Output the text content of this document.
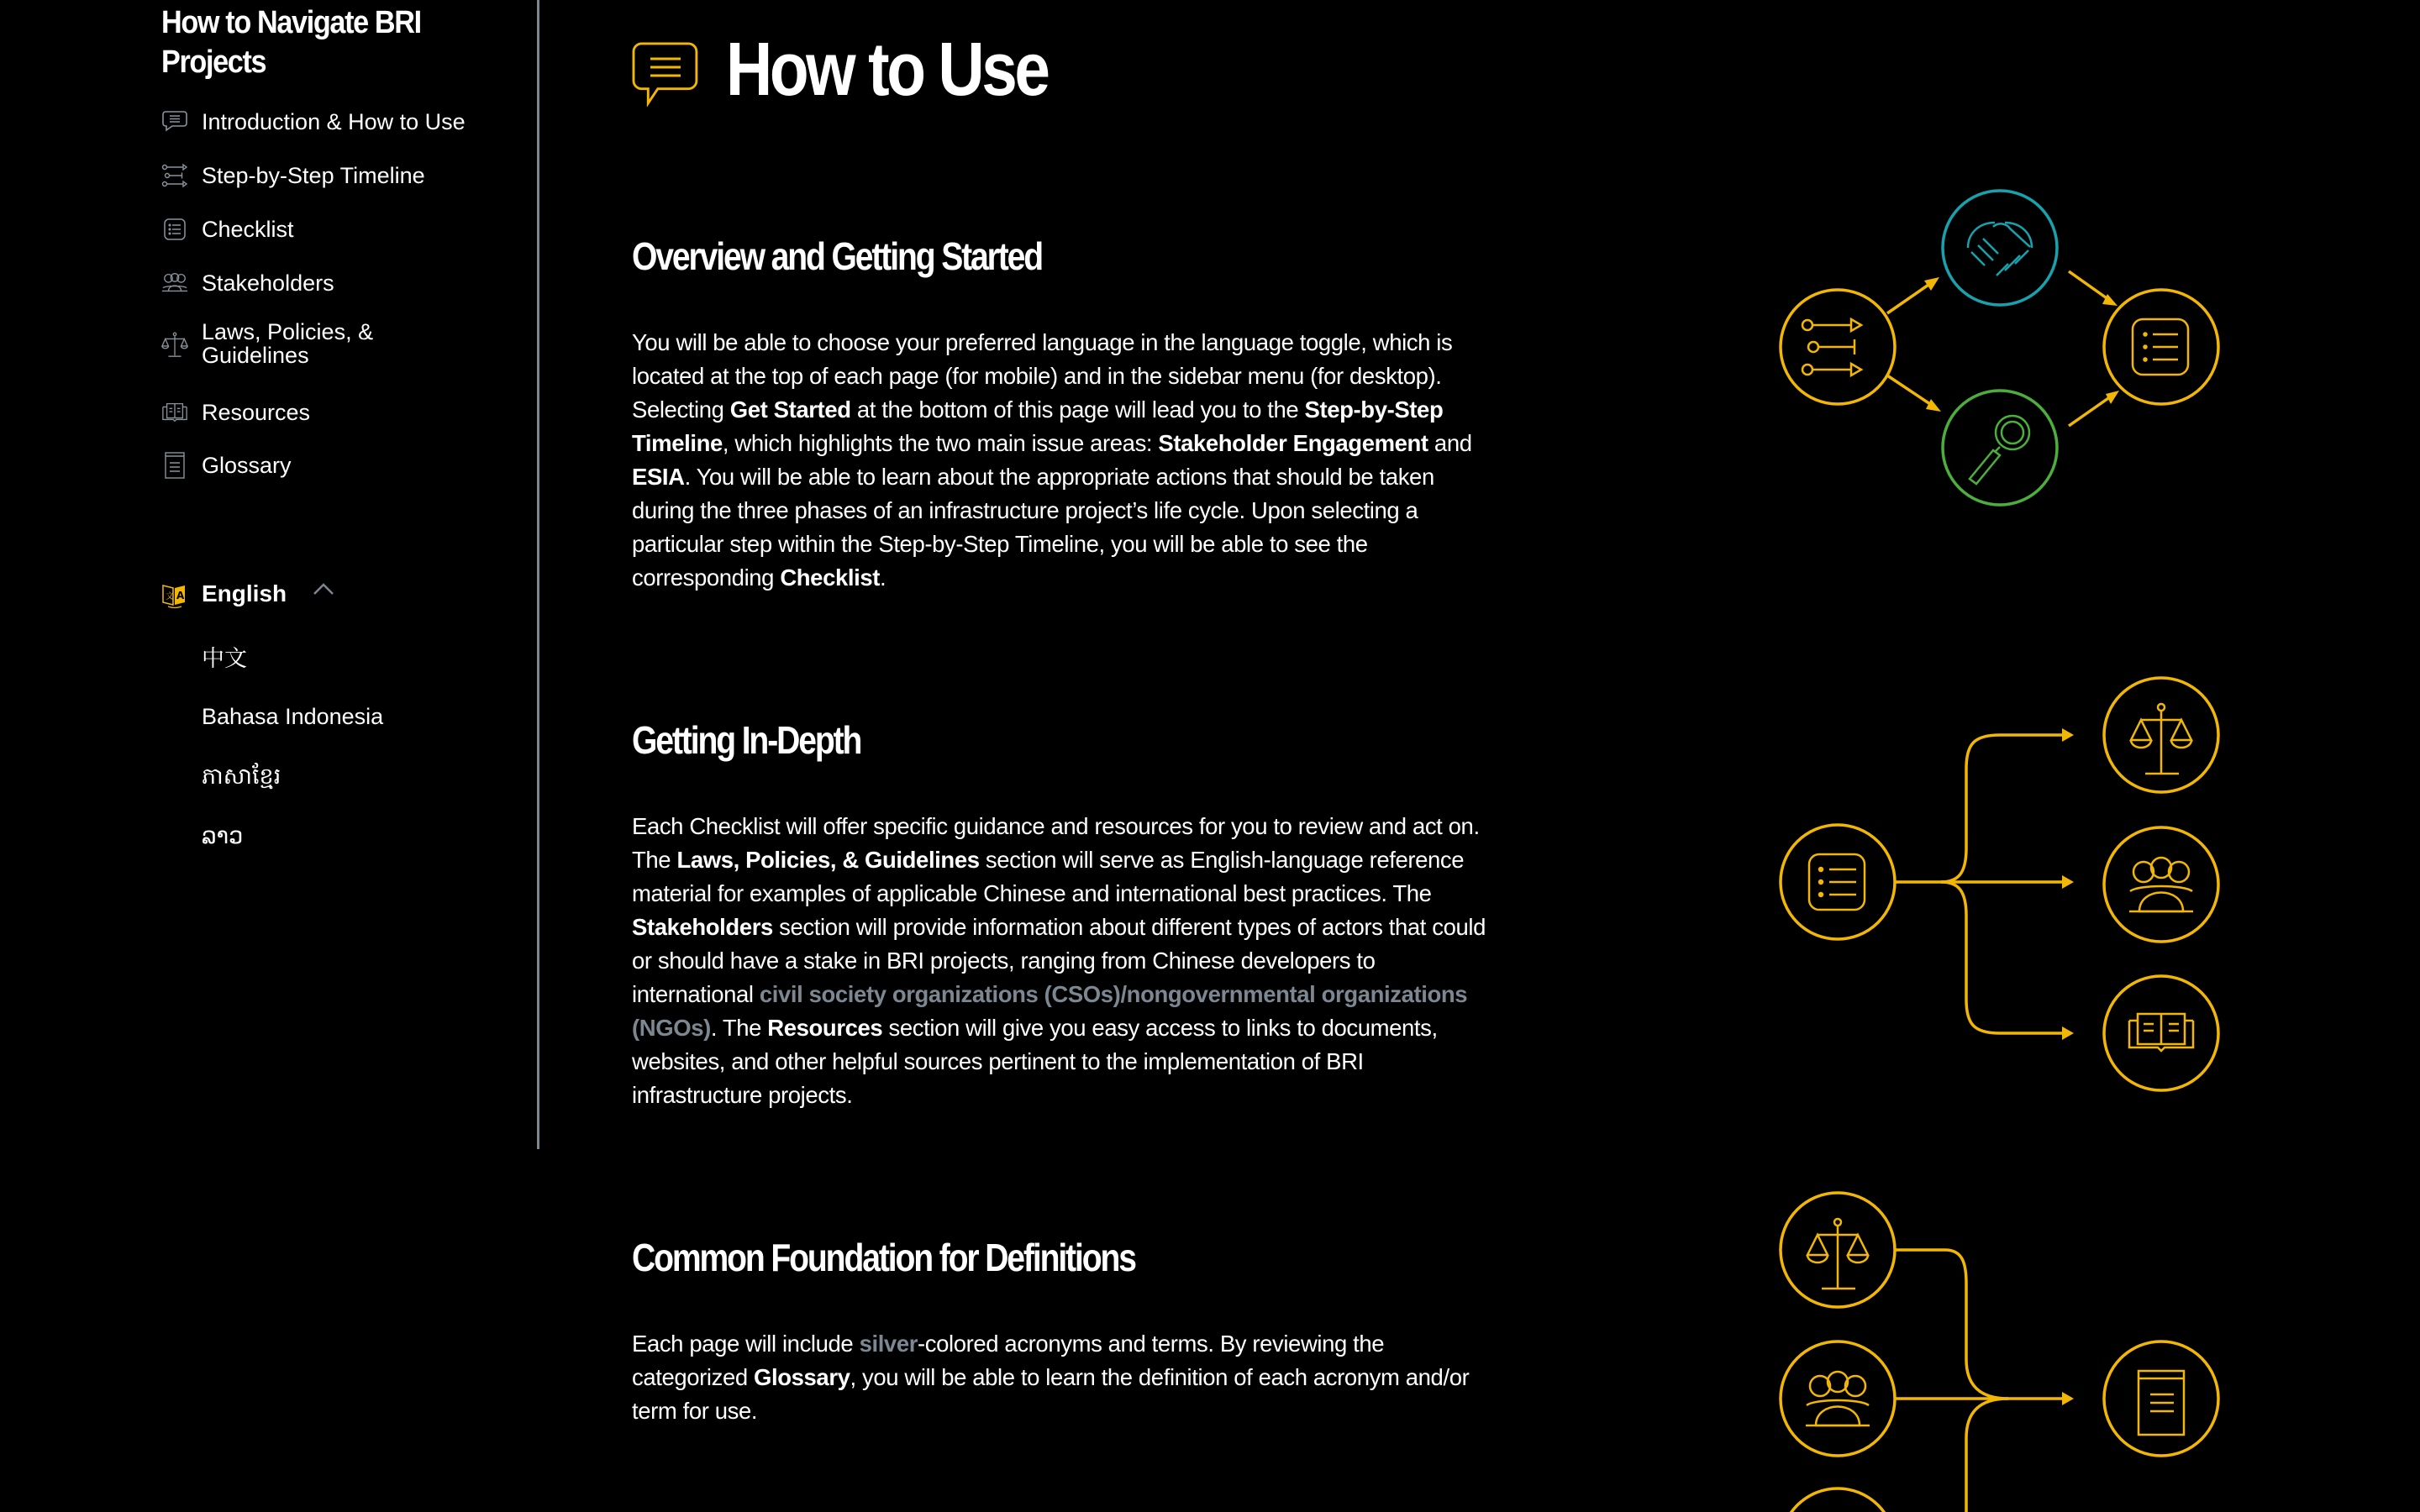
How to Navigate BRI Projects
Introduction & How to Use
Step-by-Step Timeline
Checklist
Stakeholders
Laws, Policies, & Guidelines
Resources
Glossary
文 A English
中文
Bahasa Indonesia
ភាសាខ្មែរ
ລາວ
How to Use
Overview and Getting Started

You will be able to choose your preferred language in the language toggle, which is located at the top of each page (for mobile) and in the sidebar menu (for desktop). Selecting Get Started at the bottom of this page will lead you to the Step-by-Step Timeline, which highlights the two main issue areas: Stakeholder Engagement and ESIA. You will be able to learn about the appropriate actions that should be taken during the three phases of an infrastructure project’s life cycle. Upon selecting a particular step within the Step-by-Step Timeline, you will be able to see the corresponding Checklist.

Getting In-Depth

Each Checklist will offer specific guidance and resources for you to review and act on. The Laws, Policies, & Guidelines section will serve as English-language reference material for examples of applicable Chinese and international best practices. The Stakeholders section will provide information about different types of actors that could or should have a stake in BRI projects, ranging from Chinese developers to international civil society organizations (CSOs)/nongovernmental organizations (NGOs). The Resources section will give you easy access to links to documents, websites, and other helpful sources pertinent to the implementation of BRI infrastructure projects.

Common Foundation for Definitions

Each page will include silver-colored acronyms and terms. By reviewing the categorized Glossary, you will be able to learn the definition of each acronym and/or term for use.
